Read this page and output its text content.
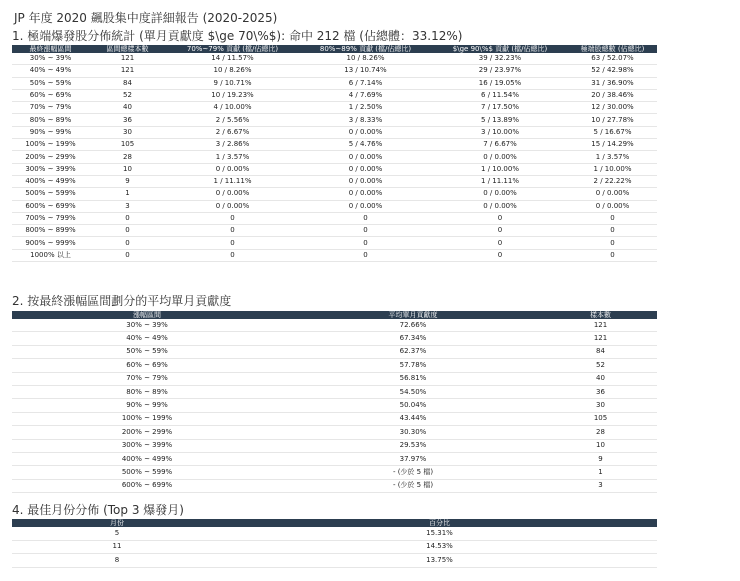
JP 年度 2020 飆股集中度詳細報告 (2020-2025)
1. 極端爆發股分佈統計 (單月貢獻度 $\ge 70\%$): 命中 212 檔 (佔總體：33.12%)
最終漲幅區間	區間總樣本數	70%~79% 貢獻 (檔/佔總比)	80%~89% 貢獻 (檔/佔總比)	$\ge 90\%$ 貢獻 (檔/佔總比)	極端股總數 (佔總比)
30% ~ 39%	121	14 / 11.57%	10 / 8.26%	39 / 32.23%	63 / 52.07%
40% ~ 49%	121	10 / 8.26%	13 / 10.74%	29 / 23.97%	52 / 42.98%
50% ~ 59%	84	9 / 10.71%	6 / 7.14%	16 / 19.05%	31 / 36.90%
60% ~ 69%	52	10 / 19.23%	4 / 7.69%	6 / 11.54%	20 / 38.46%
70% ~ 79%	40	4 / 10.00%	1 / 2.50%	7 / 17.50%	12 / 30.00%
80% ~ 89%	36	2 / 5.56%	3 / 8.33%	5 / 13.89%	10 / 27.78%
90% ~ 99%	30	2 / 6.67%	0 / 0.00%	3 / 10.00%	5 / 16.67%
100% ~ 199%	105	3 / 2.86%	5 / 4.76%	7 / 6.67%	15 / 14.29%
200% ~ 299%	28	1 / 3.57%	0 / 0.00%	0 / 0.00%	1 / 3.57%
300% ~ 399%	10	0 / 0.00%	0 / 0.00%	1 / 10.00%	1 / 10.00%
400% ~ 499%	9	1 / 11.11%	0 / 0.00%	1 / 11.11%	2 / 22.22%
500% ~ 599%	1	0 / 0.00%	0 / 0.00%	0 / 0.00%	0 / 0.00%
600% ~ 699%	3	0 / 0.00%	0 / 0.00%	0 / 0.00%	0 / 0.00%
700% ~ 799%	0	0	0	0	0
800% ~ 899%	0	0	0	0	0
900% ~ 999%	0	0	0	0	0
1000% 以上	0	0	0	0	0
2. 按最終漲幅區間劃分的平均單月貢獻度
漲幅區間	平均單月貢獻度	樣本數
30% ~ 39%	72.66%	121
40% ~ 49%	67.34%	121
50% ~ 59%	62.37%	84
60% ~ 69%	57.78%	52
70% ~ 79%	56.81%	40
80% ~ 89%	54.50%	36
90% ~ 99%	50.04%	30
100% ~ 199%	43.44%	105
200% ~ 299%	30.30%	28
300% ~ 399%	29.53%	10
400% ~ 499%	37.97%	9
500% ~ 599%	- (少於 5 檔)	1
600% ~ 699%	- (少於 5 檔)	3
4. 最佳月份分佈 (Top 3 爆發月)
月份	百分比
5	15.31%
11	14.53%
8	13.75%
